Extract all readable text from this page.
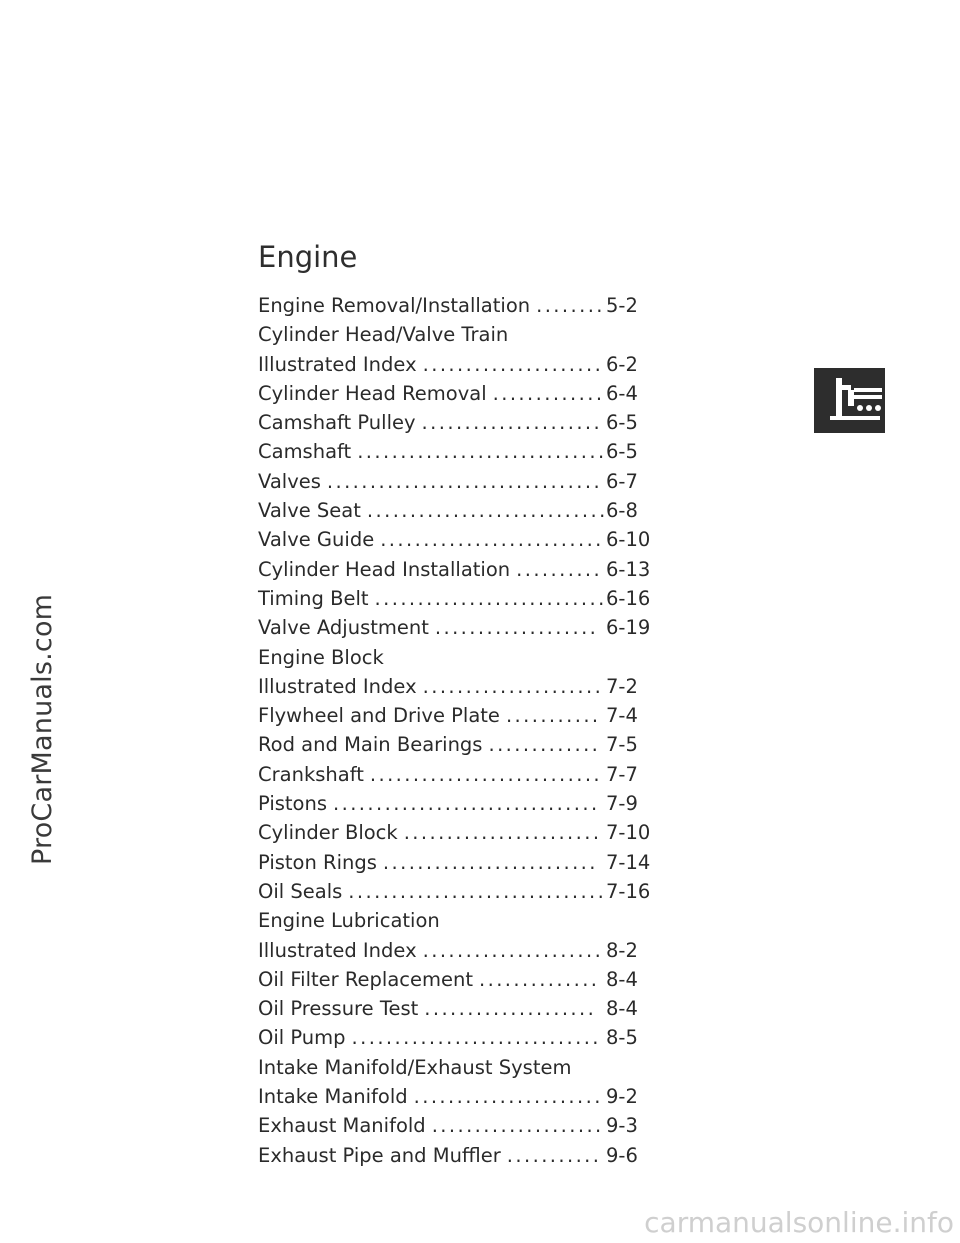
ProCarManuals.com
Engine
Engine Removal/Installation ........ 5-2
Cylinder Head/Valve Train
Illustrated Index ..................... 6-2
Cylinder Head Removal ............. 6-4
Camshaft Pulley ..................... 6-5
Camshaft ............................. 6-5
Valves ................................ 6-7
Valve Seat ............................
6-8
Valve Guide .......................... 6-10
Cylinder Head Installation .......... 6-13
Timing Belt ........................... 6-16
Valve Adjustment ................... 6-19
Engine Block
Illustrated Index ..................... 7-2
Flywheel and Drive Plate ........... 7-4
Rod and Main Bearings ............. 7-5
Crankshaft ........................... 7-7
Pistons ............................... 7-9
Cylinder Block ....................... 7-10
Piston Rings ......................... 7-14
Oil Seals .............................. 7-16
Engine Lubrication
Illustrated Index ..................... 8-2
Oil Filter Replacement .............. 8-4
Oil Pressure Test .................... 8-4
Oil Pump ............................. 8-5
Intake Manifold/Exhaust System
Intake Manifold ...................... 9-2
Exhaust Manifold .................... 9-3
Exhaust Pipe and Muffler ........... 9-6
carmanualsonline.info
